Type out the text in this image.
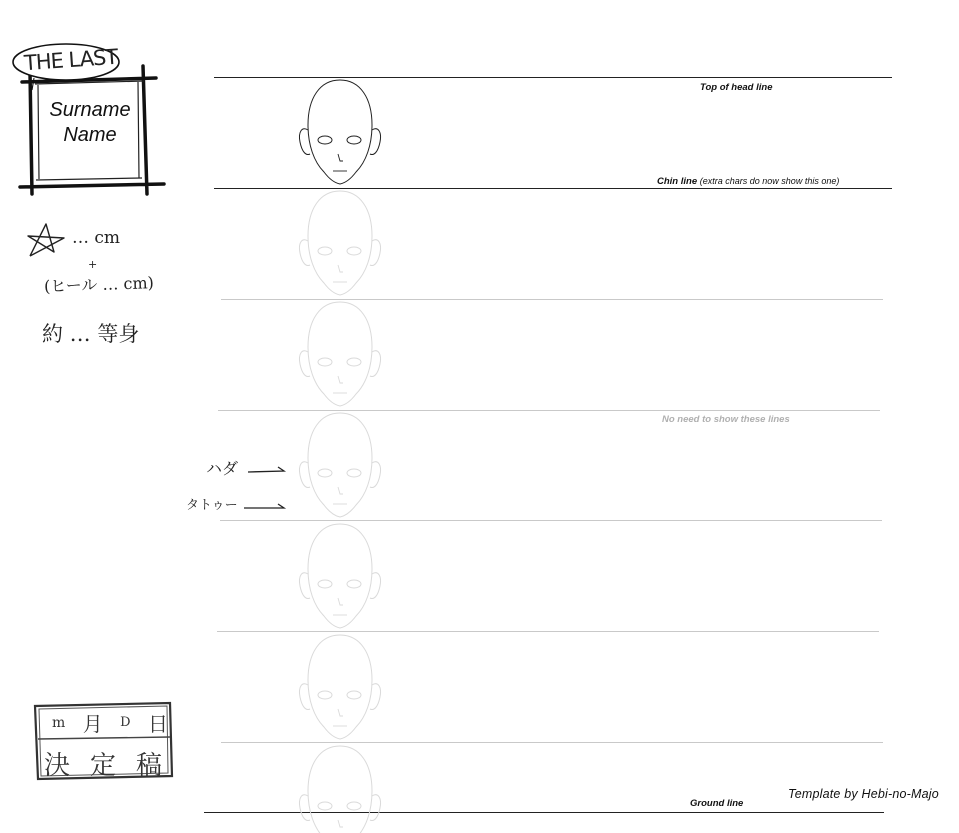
Top of head line
Chin line (extra chars do now show this one)
No need to show these lines
Ground line
Template by Hebi-no-Majo
THE LAST
Surname
Name
… cm
+
(ヒール … cm)
約 … 等身
ハダ
タトゥー
m 月 D 日
決 定 稿
